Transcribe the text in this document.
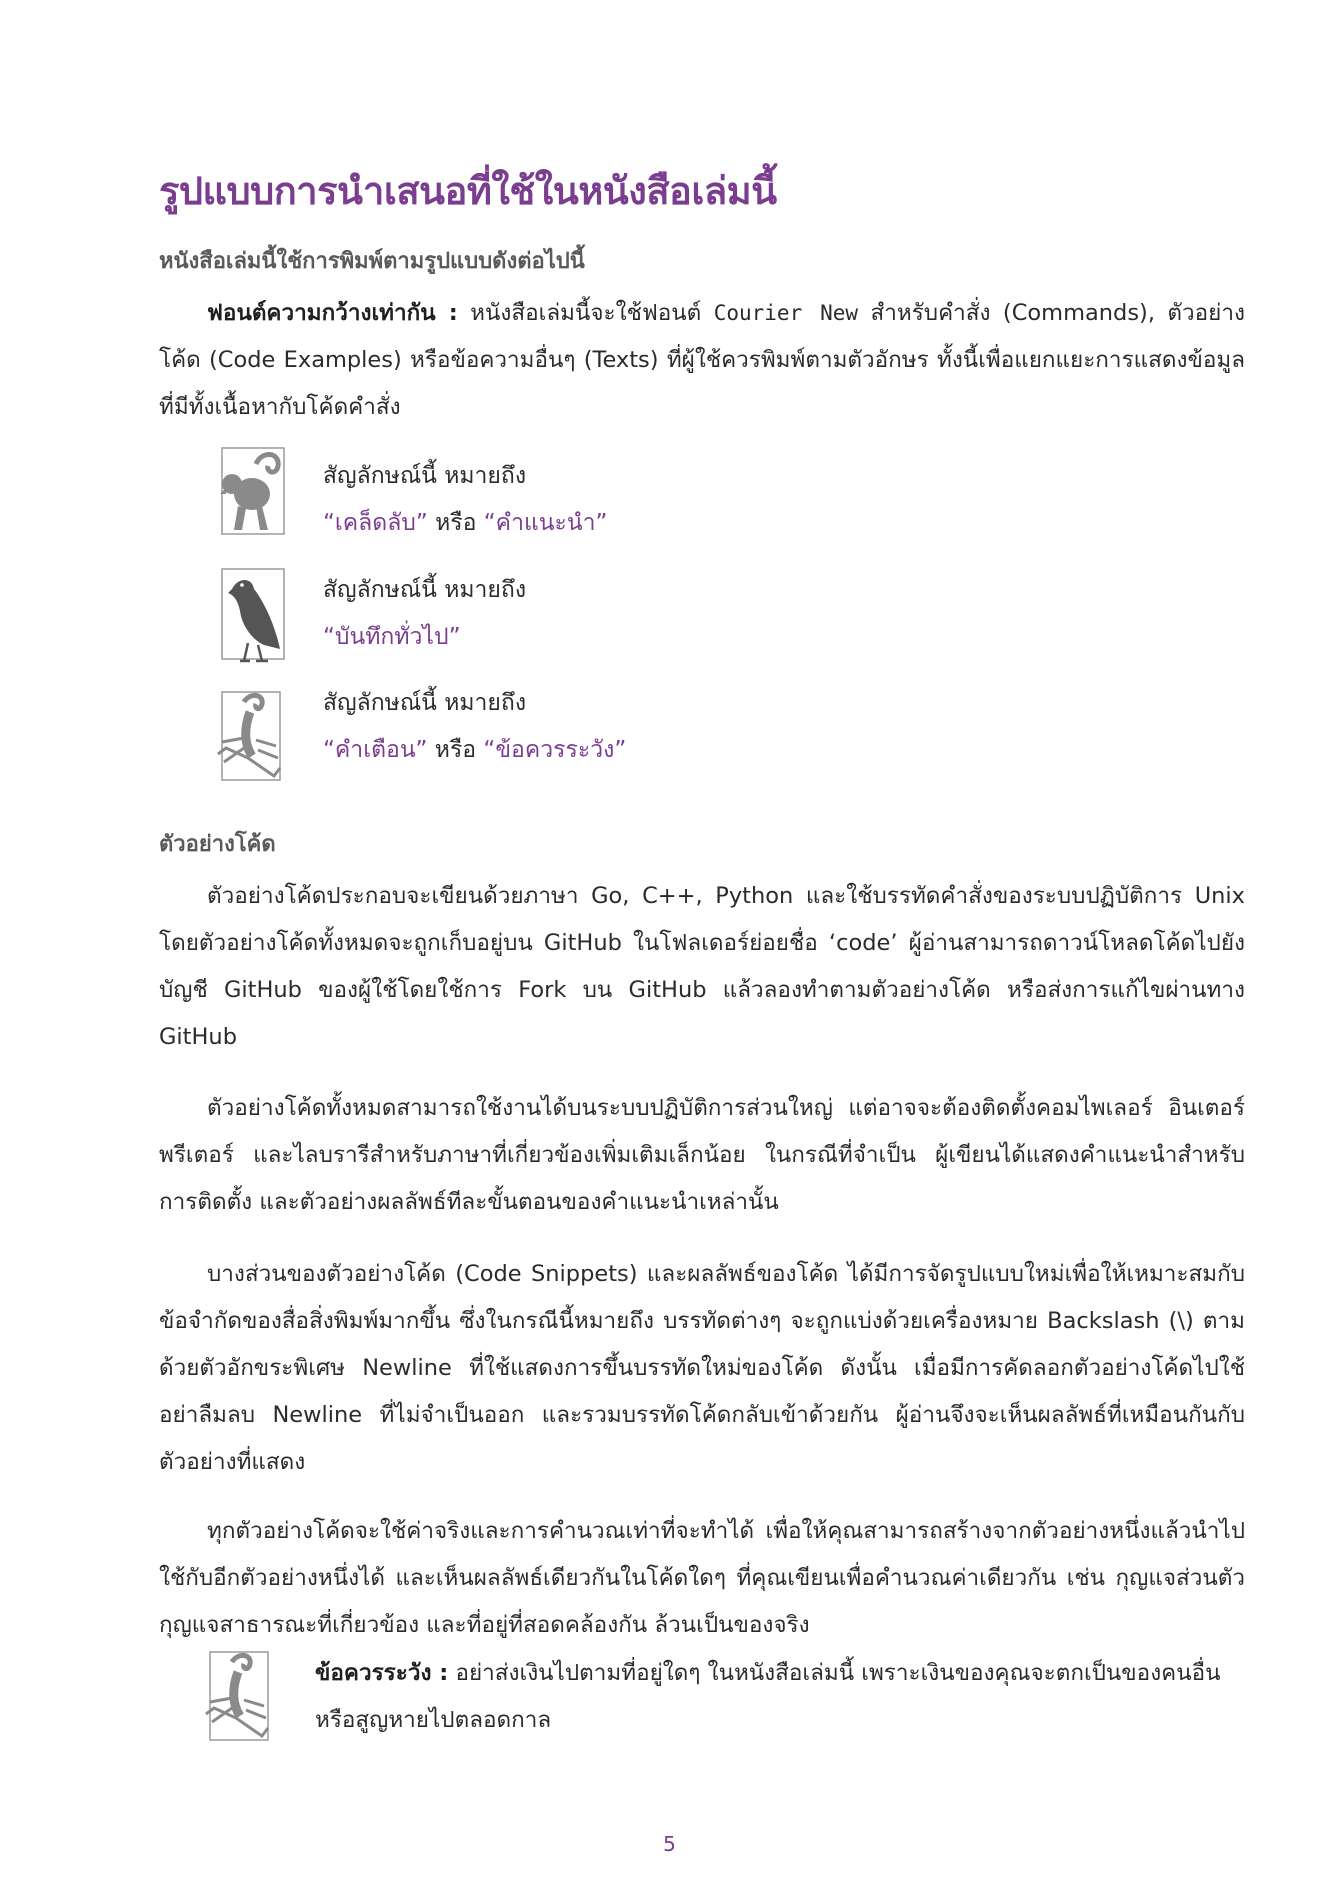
รูปแบบการนำเสนอที่ใช้ในหนังสือเล่มนี้

หนังสือเล่มนี้ใช้การพิมพ์ตามรูปแบบดังต่อไปนี้

ฟอนต์ความกว้างเท่ากัน : หนังสือเล่มนี้จะใช้ฟอนต์ Courier New สำหรับคำสั่ง (Commands), ตัวอย่างโค้ด (Code Examples) หรือข้อความอื่นๆ (Texts) ที่ผู้ใช้ควรพิมพ์ตามตัวอักษร ทั้งนี้เพื่อแยกแยะการแสดงข้อมูลที่มีทั้งเนื้อหากับโค้ดคำสั่ง

สัญลักษณ์นี้ หมายถึง
“เคล็ดลับ” หรือ “คำแนะนำ”
สัญลักษณ์นี้ หมายถึง
“บันทึกทั่วไป”
สัญลักษณ์นี้ หมายถึง
“คำเตือน” หรือ “ข้อควรระวัง”

ตัวอย่างโค้ด

ตัวอย่างโค้ดประกอบจะเขียนด้วยภาษา Go, C++, Python และใช้บรรทัดคำสั่งของระบบปฏิบัติการ Unix โดยตัวอย่างโค้ดทั้งหมดจะถูกเก็บอยู่บน GitHub ในโฟลเดอร์ย่อยชื่อ ‘code’ ผู้อ่านสามารถดาวน์โหลดโค้ดไปยังบัญชี GitHub ของผู้ใช้โดยใช้การ Fork บน GitHub แล้วลองทำตามตัวอย่างโค้ด หรือส่งการแก้ไขผ่านทาง GitHub

ตัวอย่างโค้ดทั้งหมดสามารถใช้งานได้บนระบบปฏิบัติการส่วนใหญ่ แต่อาจจะต้องติดตั้งคอมไพเลอร์ อินเตอร์พรีเตอร์ และไลบรารีสำหรับภาษาที่เกี่ยวข้องเพิ่มเติมเล็กน้อย ในกรณีที่จำเป็น ผู้เขียนได้แสดงคำแนะนำสำหรับการติดตั้ง และตัวอย่างผลลัพธ์ทีละขั้นตอนของคำแนะนำเหล่านั้น

บางส่วนของตัวอย่างโค้ด (Code Snippets) และผลลัพธ์ของโค้ด ได้มีการจัดรูปแบบใหม่เพื่อให้เหมาะสมกับข้อจำกัดของสื่อสิ่งพิมพ์มากขึ้น ซึ่งในกรณีนี้หมายถึง บรรทัดต่างๆ จะถูกแบ่งด้วยเครื่องหมาย Backslash (\) ตามด้วยตัวอักขระพิเศษ Newline ที่ใช้แสดงการขึ้นบรรทัดใหม่ของโค้ด ดังนั้น เมื่อมีการคัดลอกตัวอย่างโค้ดไปใช้ อย่าลืมลบ Newline ที่ไม่จำเป็นออก และรวมบรรทัดโค้ดกลับเข้าด้วยกัน ผู้อ่านจึงจะเห็นผลลัพธ์ที่เหมือนกันกับตัวอย่างที่แสดง

ทุกตัวอย่างโค้ดจะใช้ค่าจริงและการคำนวณเท่าที่จะทำได้ เพื่อให้คุณสามารถสร้างจากตัวอย่างหนึ่งแล้วนำไปใช้กับอีกตัวอย่างหนึ่งได้ และเห็นผลลัพธ์เดียวกันในโค้ดใดๆ ที่คุณเขียนเพื่อคำนวณค่าเดียวกัน เช่น กุญแจส่วนตัว กุญแจสาธารณะที่เกี่ยวข้อง และที่อยู่ที่สอดคล้องกัน ล้วนเป็นของจริง

ข้อควรระวัง : อย่าส่งเงินไปตามที่อยู่ใดๆ ในหนังสือเล่มนี้ เพราะเงินของคุณจะตกเป็นของคนอื่น หรือสูญหายไปตลอดกาล

5
